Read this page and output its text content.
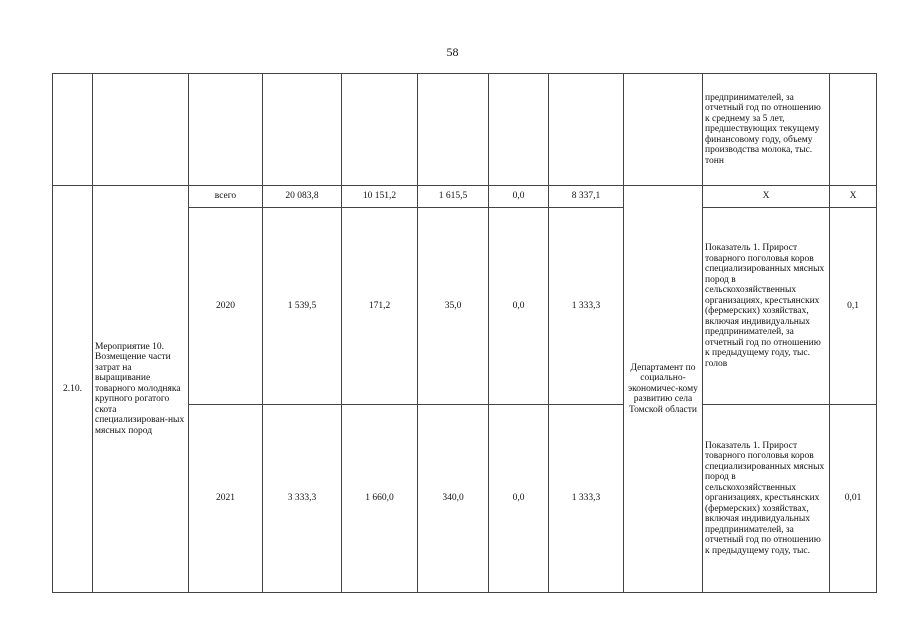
58
									предпринимателей, за отчетный год по отношению к среднему за 5 лет, предшествующих текущему финансовому году, объему производства молока, тыс. тонн	
2.10.	Мероприятие 10. Возмещение части затрат на выращивание товарного молодняка крупного рогатого скота специализирован-ных мясных пород	всего	20 083,8	10 151,2	1 615,5	0,0	8 337,1	Департамент по социально-экономичес-кому развитию села Томской области	X	X
		2020	1 539,5	171,2	35,0	0,0	1 333,3		Показатель 1. Прирост товарного поголовья коров специализированных мясных пород в сельскохозяйственных организациях, крестьянских (фермерских) хозяйствах, включая индивидуальных предпринимателей, за отчетный год по отношению к предыдущему году, тыс. голов	0,1
		2021	3 333,3	1 660,0	340,0	0,0	1 333,3		Показатель 1. Прирост товарного поголовья коров специализированных мясных пород в сельскохозяйственных организациях, крестьянских (фермерских) хозяйствах, включая индивидуальных предпринимателей, за отчетный год по отношению к предыдущему году, тыс.	0,01
